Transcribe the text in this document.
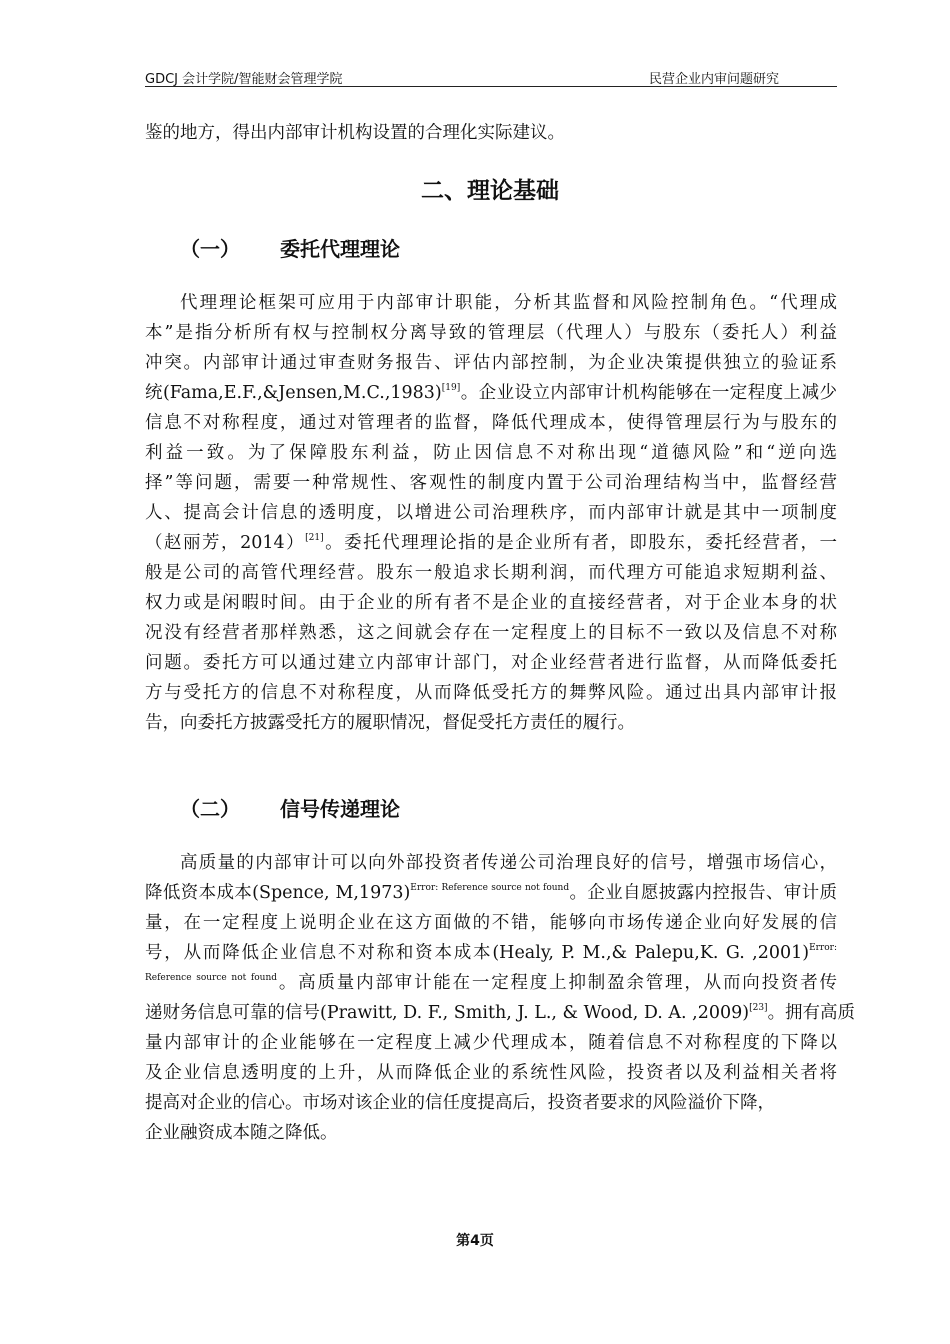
GDCJ 会计学院/智能财会管理学院	民营企业内审问题研究
鉴的地方，得出内部审计机构设置的合理化实际建议。
二、理论基础
（一） 委托代理理论
代理理论框架可应用于内部审计职能，分析其监督和风险控制角色。“代理成
本”是指分析所有权与控制权分离导致的管理层（代理人）与股东（委托人）利益
冲突。内部审计通过审查财务报告、评估内部控制，为企业决策提供独立的验证系
统(Fama,E.F.,&Jensen,M.C.,1983)[19]。企业设立内部审计机构能够在一定程度上减少
信息不对称程度，通过对管理者的监督，降低代理成本，使得管理层行为与股东的
利益一致。为了保障股东利益，防止因信息不对称出现“道德风险”和“逆向选
择”等问题，需要一种常规性、客观性的制度内置于公司治理结构当中，监督经营
人、提高会计信息的透明度，以增进公司治理秩序，而内部审计就是其中一项制度
（赵丽芳，2014）[21]。委托代理理论指的是企业所有者，即股东，委托经营者，一
般是公司的高管代理经营。股东一般追求长期利润，而代理方可能追求短期利益、
权力或是闲暇时间。由于企业的所有者不是企业的直接经营者，对于企业本身的状
况没有经营者那样熟悉，这之间就会存在一定程度上的目标不一致以及信息不对称
问题。委托方可以通过建立内部审计部门，对企业经营者进行监督，从而降低委托
方与受托方的信息不对称程度，从而降低受托方的舞弊风险。通过出具内部审计报
告，向委托方披露受托方的履职情况，督促受托方责任的履行。
（二） 信号传递理论
高质量的内部审计可以向外部投资者传递公司治理良好的信号，增强市场信心，
降低资本成本(Spence, M,1973)$^{Error: Reference source not found}$。企业自愿披露内控报告、审计质
量，在一定程度上说明企业在这方面做的不错，能够向市场传递企业向好发展的信
号，从而降低企业信息不对称和资本成本(Healy, P. M.,& Palepu,K. G. ,2001)$^{Error:}$
$^{Reference source not found}$。高质量内部审计能在一定程度上抑制盈余管理，从而向投资者传
递财务信息可靠的信号(Prawitt, D. F., Smith, J. L., & Wood, D. A. ,2009)[23]。拥有高质
量内部审计的企业能够在一定程度上减少代理成本，随着信息不对称程度的下降以
及企业信息透明度的上升，从而降低企业的系统性风险，投资者以及利益相关者将
提高对企业的信心。市场对该企业的信任度提高后，投资者要求的风险溢价下降，
企业融资成本随之降低。
第4页
